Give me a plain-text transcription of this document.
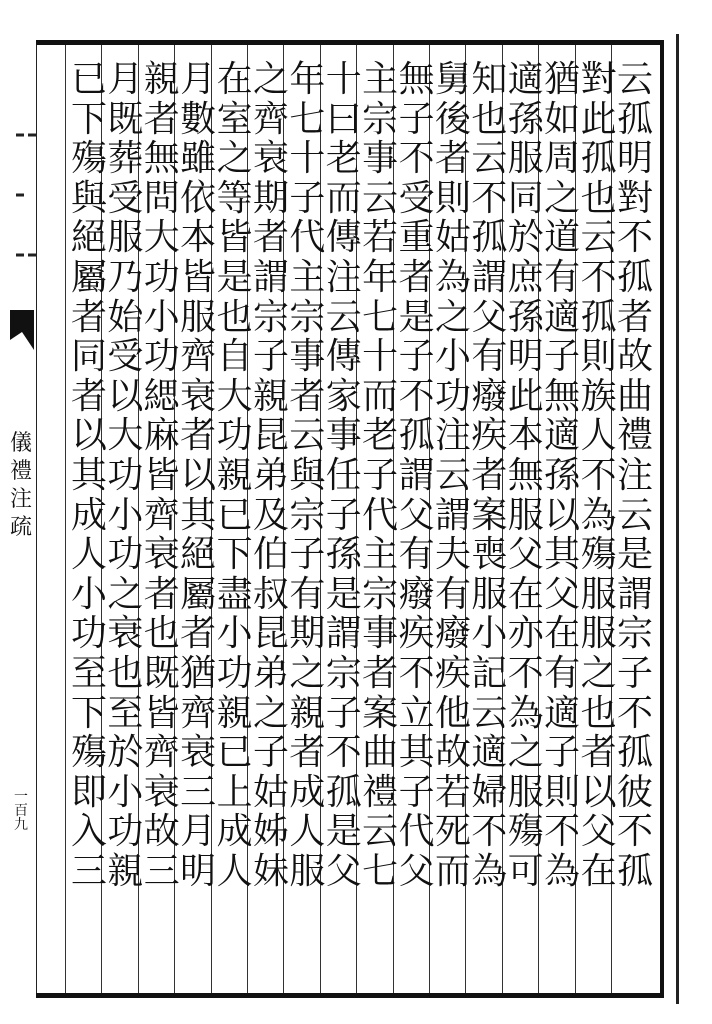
儀
禮
注
疏
一
百
九
云
孤
明
對
不
孤
者
故
曲
禮
注
云
是
謂
宗
子
不
孤
彼
不
孤
對
此
孤
也
云
不
孤
則
族
人
不
為
殤
服
服
之
也
者
以
父
在
猶
如
周
之
道
有
適
子
無
適
孫
以
其
父
在
有
適
子
則
不
為
適
孫
服
同
於
庶
孫
明
此
本
無
服
父
在
亦
不
為
之
服
殤
可
知
也
云
不
孤
謂
父
有
癈
疾
者
案
喪
服
小
記
云
適
婦
不
為
舅
後
者
則
姑
為
之
小
功
注
云
謂
夫
有
癈
疾
他
故
若
死
而
無
子
不
受
重
者
是
子
不
孤
謂
父
有
癈
疾
不
立
其
子
代
父
主
宗
事
云
若
年
七
十
而
老
子
代
主
宗
事
者
案
曲
禮
云
七
十
曰
老
而
傳
注
云
傳
家
事
任
子
孫
是
謂
宗
子
不
孤
是
父
年
七
十
子
代
主
宗
事
者
云
與
宗
子
有
期
之
親
者
成
人
服
之
齊
衰
期
者
謂
宗
子
親
昆
弟
及
伯
叔
昆
弟
之
子
姑
姊
妹
在
室
之
等
皆
是
也
自
大
功
親
已
下
盡
小
功
親
已
上
成
人
月
數
雖
依
本
皆
服
齊
衰
者
以
其
絕
屬
者
猶
齊
衰
三
月
明
親
者
無
問
大
功
小
功
緦
麻
皆
齊
衰
者
也
既
皆
齊
衰
故
三
月
既
葬
受
服
乃
始
受
以
大
功
小
功
之
衰
也
至
於
小
功
親
已
下
殤
與
絕
屬
者
同
者
以
其
成
人
小
功
至
下
殤
即
入
三
